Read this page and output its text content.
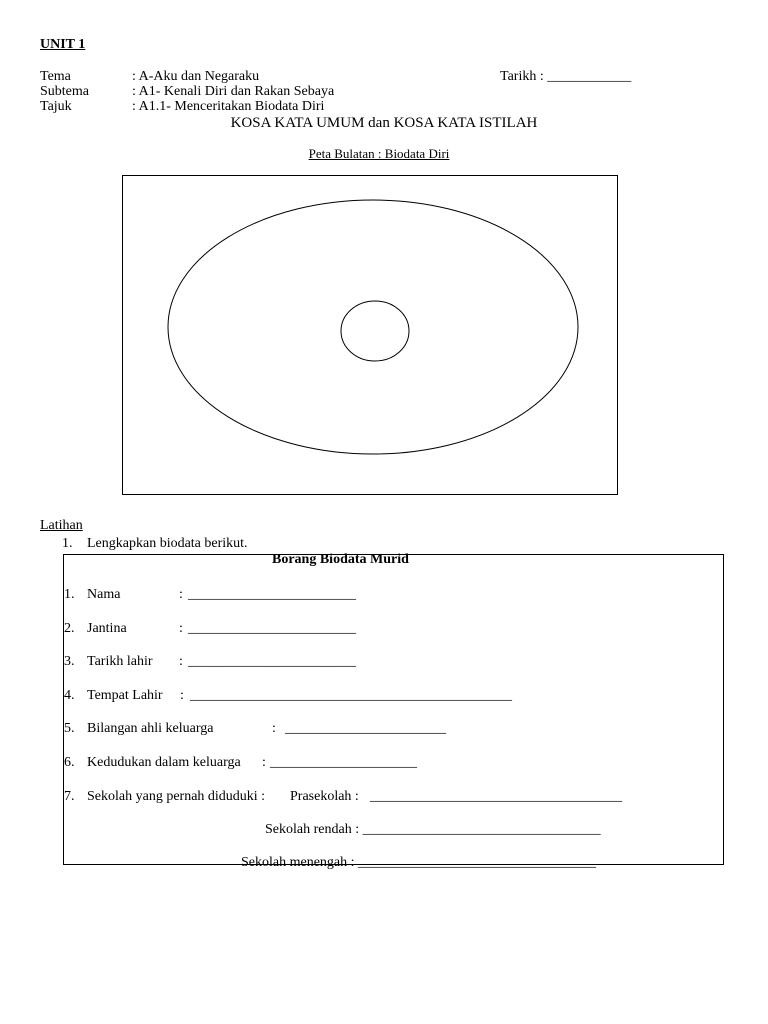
UNIT 1
Tema	: A-Aku dan Negaraku	Tarikh : ____________
Subtema	: A1- Kenali Diri dan Rakan Sebaya
Tajuk	: A1.1- Menceritakan Biodata Diri
KOSA KATA UMUM dan KOSA KATA ISTILAH
Peta Bulatan : Biodata Diri
Latihan
1. Lengkapkan biodata berikut.
Borang Biodata Murid
1. Nama	: ________________________
2. Jantina	: ________________________
3. Tarikh lahir : ________________________
4. Tempat Lahir : ______________________________________________
5. Bilangan ahli keluarga	: _______________________
6. Kedudukan dalam keluarga : _____________________
7. Sekolah yang pernah diduduki : Prasekolah : ____________________________________
Sekolah rendah : __________________________________
Sekolah menengah : __________________________________
